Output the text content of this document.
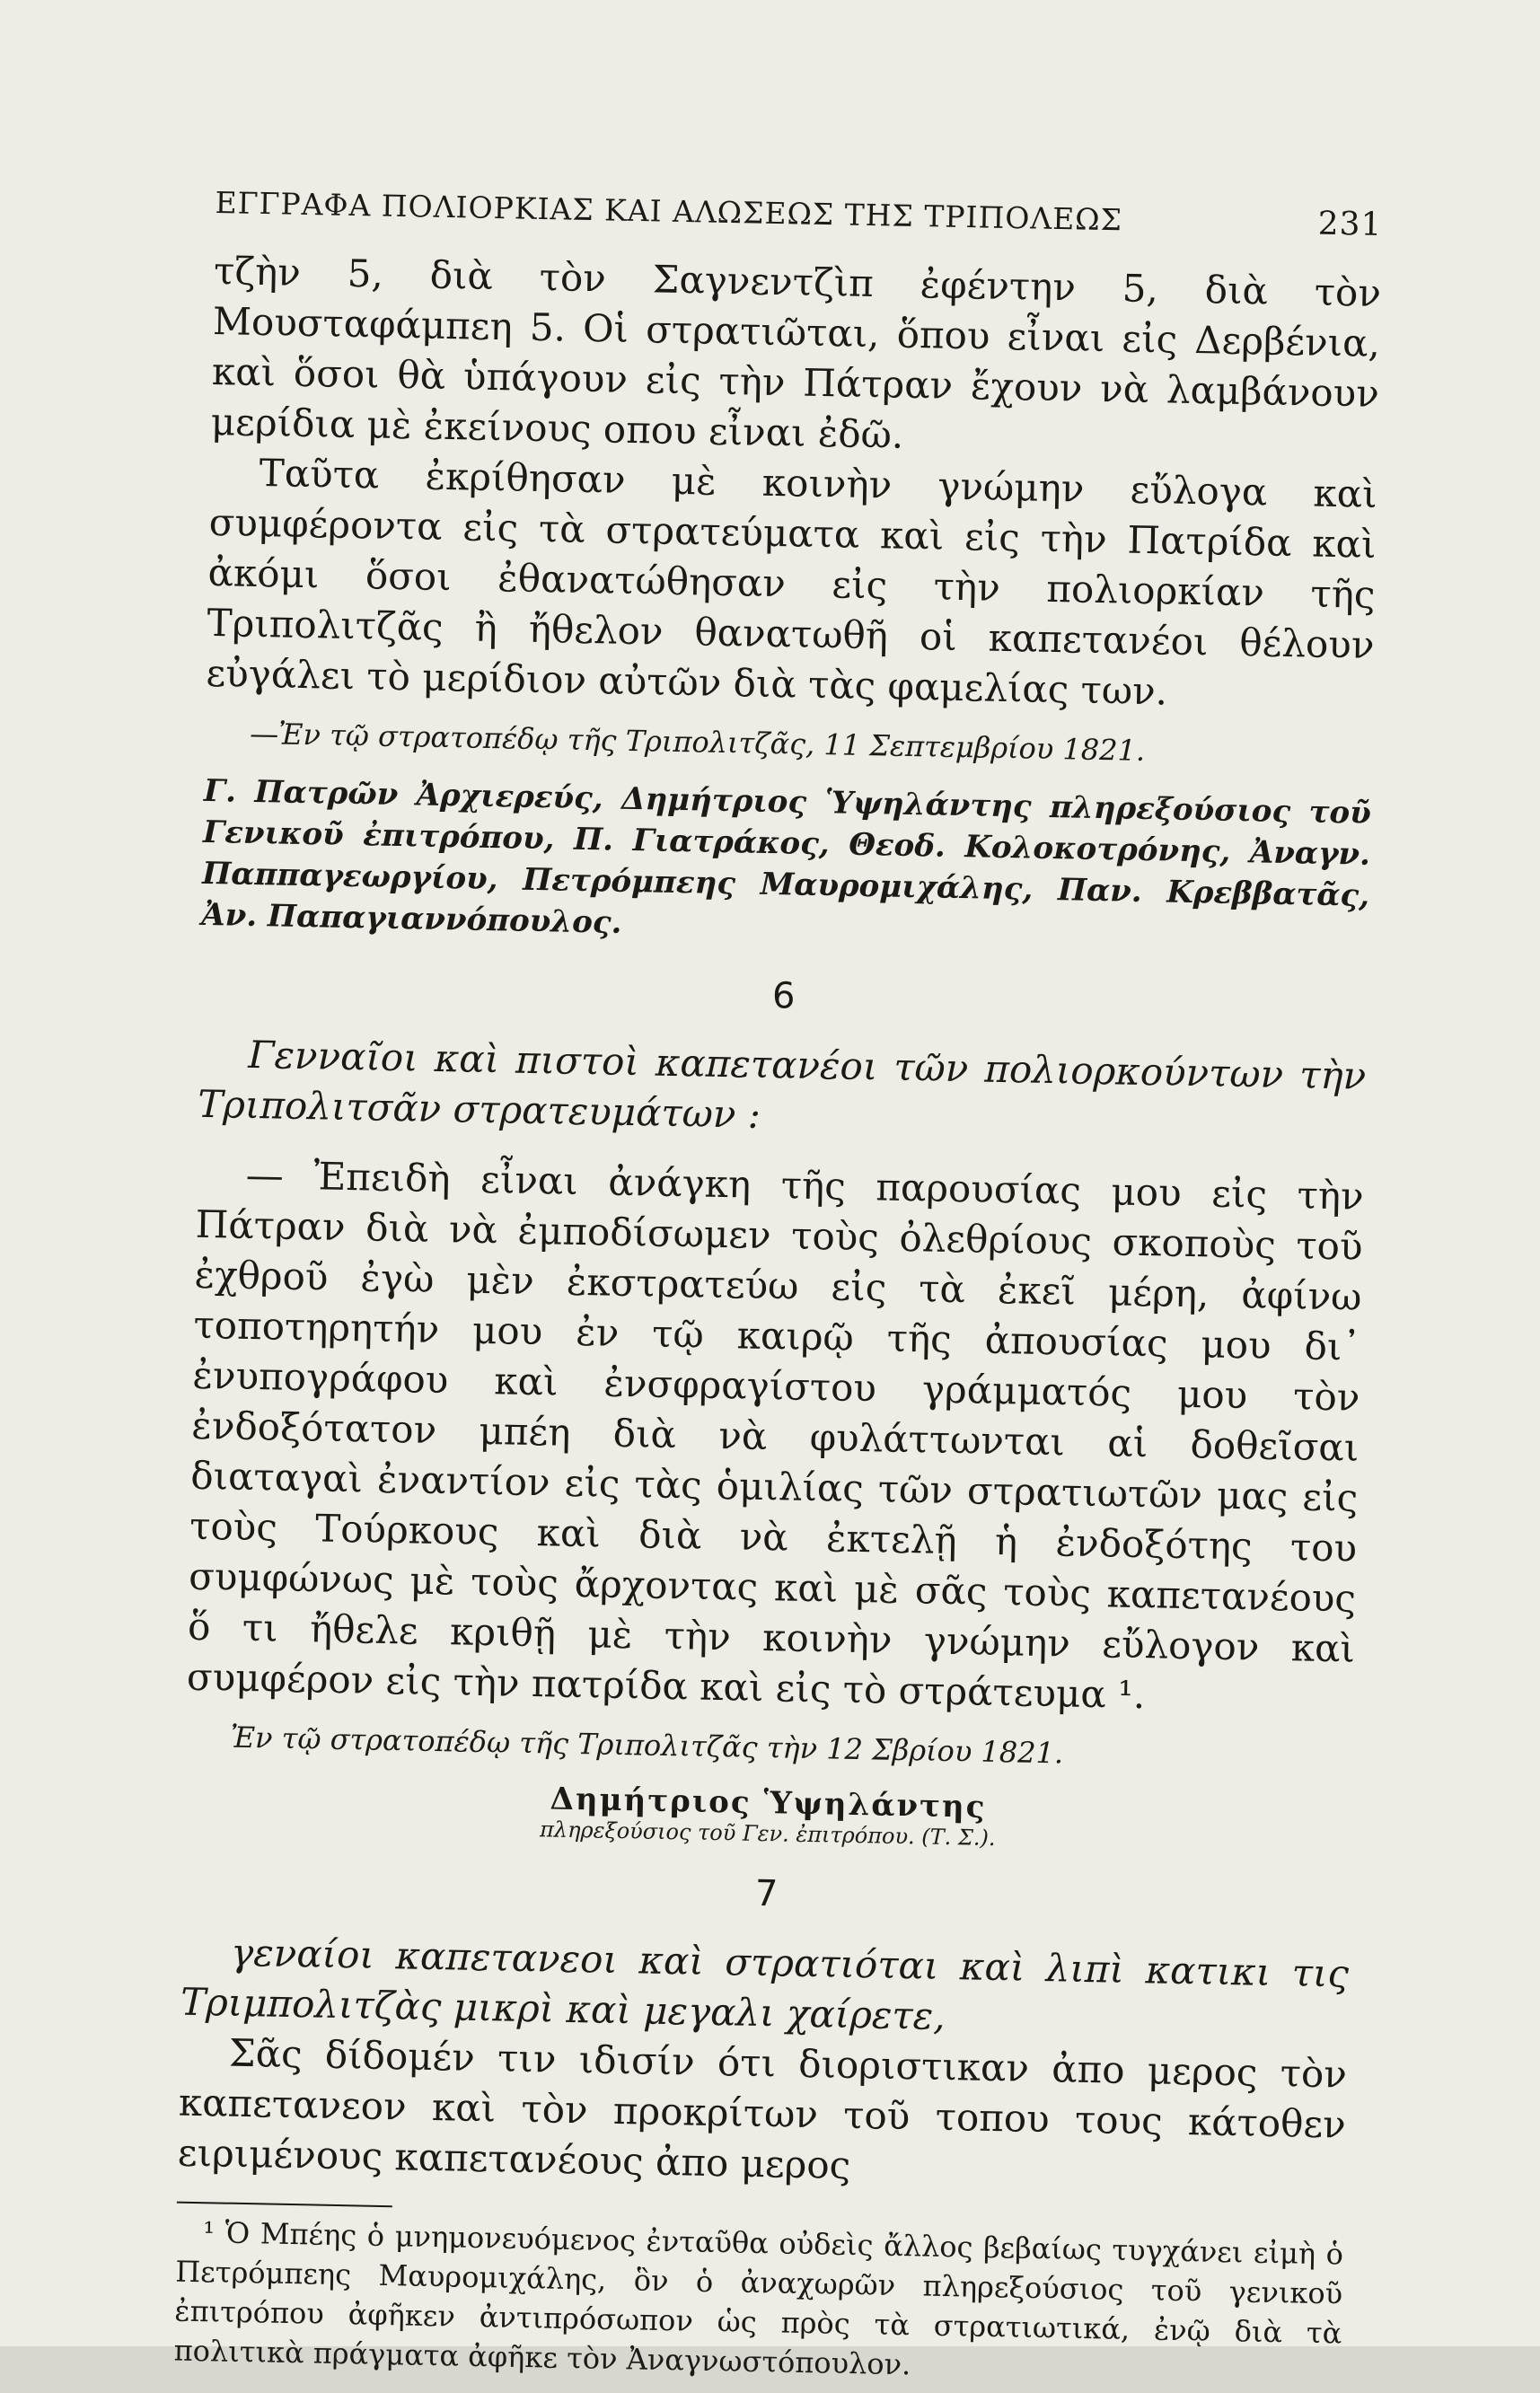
ΕΓΓΡΑΦΑ ΠΟΛΙΟΡΚΙΑΣ ΚΑΙ ΑΛΩΣΕΩΣ ΤΗΣ ΤΡΙΠΟΛΕΩΣ	231

τζὴν 5, διὰ τὸν Σαγνεντζὶπ ἐφέντην 5, διὰ τὸν Μουσταφάμπεη 5. Οἱ στρατιῶται, ὅπου εἶναι εἰς Δερβένια, καὶ ὅσοι θὰ ὑπάγουν εἰς τὴν Πάτραν ἔχουν νὰ λαμβάνουν μερίδια μὲ ἐκείνους οπου εἶναι ἐδῶ.

Ταῦτα ἐκρίθησαν μὲ κοινὴν γνώμην εὔλογα καὶ συμφέροντα εἰς τὰ στρατεύματα καὶ εἰς τὴν Πατρίδα καὶ ἀκόμι ὅσοι ἐθανατώθησαν εἰς τὴν πολιορκίαν τῆς Τριπολιτζᾶς ἢ ἤθελον θανατωθῆ οἱ καπετανέοι θέλουν εὐγάλει τὸ μερίδιον αὐτῶν διὰ τὰς φαμελίας των.

—Ἐν τῷ στρατοπέδῳ τῆς Τριπολιτζᾶς, 11 Σεπτεμβρίου 1821.

Γ. Πατρῶν Ἀρχιερεύς, Δημήτριος Ὑψηλάντης πληρεξούσιος τοῦ Γενικοῦ ἐπιτρόπου, Π. Γιατράκος, Θεοδ. Κολοκοτρόνης, Ἀναγν. Παππαγεωργίου, Πετρόμπεης Μαυρομιχάλης, Παν. Κρεββατᾶς, Ἀν. Παπαγιαννόπουλος.

6

Γενναῖοι καὶ πιστοὶ καπετανέοι τῶν πολιορκούντων τὴν Τριπολιτσᾶν στρατευμάτων :

— Ἐπειδὴ εἶναι ἀνάγκη τῆς παρουσίας μου εἰς τὴν Πάτραν διὰ νὰ ἐμποδίσωμεν τοὺς ὀλεθρίους σκοποὺς τοῦ ἐχθροῦ ἐγὼ μὲν ἐκστρατεύω εἰς τὰ ἐκεῖ μέρη, ἀφίνω τοποτηρητήν μου ἐν τῷ καιρῷ τῆς ἀπουσίας μου δι᾽ ἐνυπογράφου καὶ ἐνσφραγίστου γράμματός μου τὸν ἐνδοξότατον μπέη διὰ νὰ φυλάττωνται αἱ δοθεῖσαι διαταγαὶ ἐναντίον εἰς τὰς ὁμιλίας τῶν στρατιωτῶν μας εἰς τοὺς Τούρκους καὶ διὰ νὰ ἐκτελῇ ἡ ἐνδοξότης του συμφώνως μὲ τοὺς ἄρχοντας καὶ μὲ σᾶς τοὺς καπετανέους ὅ τι ἤθελε κριθῇ μὲ τὴν κοινὴν γνώμην εὔλογον καὶ συμφέρον εἰς τὴν πατρίδα καὶ εἰς τὸ στράτευμα ¹.

Ἐν τῷ στρατοπέδῳ τῆς Τριπολιτζᾶς τὴν 12 Σβρίου 1821.

Δημήτριος Ὑψηλάντης
πληρεξούσιος τοῦ Γεν. ἐπιτρόπου. (Τ. Σ.).
7

γεναίοι καπετανεοι καὶ στρατιόται καὶ λιπὶ κατικι τις Τριμπολιτζὰς μικρὶ καὶ μεγαλι χαίρετε,

Σᾶς δίδομέν τιν ιδισίν ότι διοριστικαν ἀπο μερος τὸν καπετανεον καὶ τὸν προκρίτων τοῦ τοπου τους κάτοθεν ειριμένους καπετανέους ἀπο μερος

¹ Ὁ Μπέης ὁ μνημονευόμενος ἐνταῦθα οὐδεὶς ἄλλος βεβαίως τυγχάνει εἰμὴ ὁ Πετρόμπεης Μαυρομιχάλης, ὃν ὁ ἀναχωρῶν πληρεξούσιος τοῦ γενικοῦ ἐπιτρόπου ἀφῆκεν ἀντιπρόσωπον ὡς πρὸς τὰ στρατιωτικά, ἐνῷ διὰ τὰ πολιτικὰ πράγματα ἀφῆκε τὸν Ἀναγνωστόπουλον.
